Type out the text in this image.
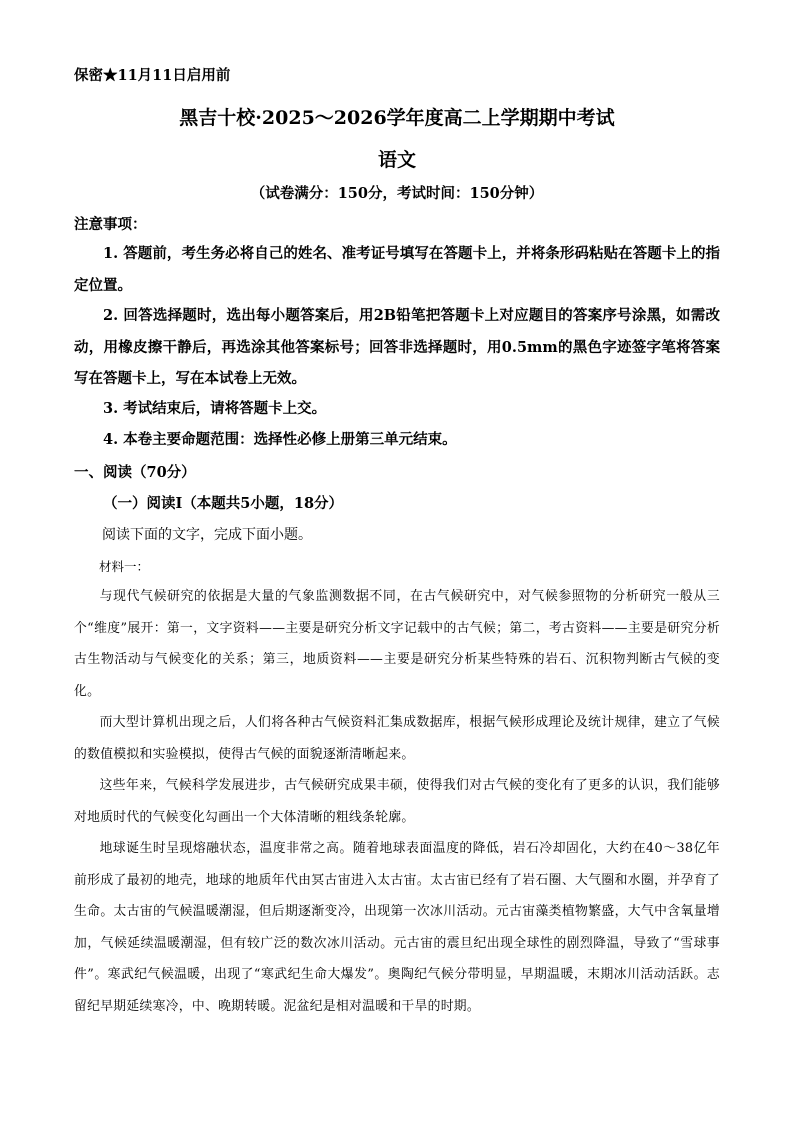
保密★11月11日启用前
黑吉十校·2025～2026学年度高二上学期期中考试
语文
（试卷满分：150分，考试时间：150分钟）
注意事项：

1. 答题前，考生务必将自己的姓名、准考证号填写在答题卡上，并将条形码粘贴在答题卡上的指定位置。

2. 回答选择题时，选出每小题答案后，用2B铅笔把答题卡上对应题目的答案序号涂黑，如需改动，用橡皮擦干静后，再选涂其他答案标号；回答非选择题时，用0.5mm的黑色字迹签字笔将答案写在答题卡上，写在本试卷上无效。

3. 考试结束后，请将答题卡上交。

4. 本卷主要命题范围：选择性必修上册第三单元结束。

一、阅读（70分）
（一）阅读Ⅰ（本题共5小题，18分）
阅读下面的文字，完成下面小题。
材料一：

与现代气候研究的依据是大量的气象监测数据不同，在古气候研究中，对气候参照物的分析研究一般从三个“维度”展开：第一，文字资料——主要是研究分析文字记载中的古气候；第二，考古资料——主要是研究分析古生物活动与气候变化的关系；第三，地质资料——主要是研究分析某些特殊的岩石、沉积物判断古气候的变化。

而大型计算机出现之后，人们将各种古气候资料汇集成数据库，根据气候形成理论及统计规律，建立了气候的数值模拟和实验模拟，使得古气候的面貌逐渐清晰起来。

这些年来，气候科学发展进步，古气候研究成果丰硕，使得我们对古气候的变化有了更多的认识，我们能够对地质时代的气候变化勾画出一个大体清晰的粗线条轮廓。

地球诞生时呈现熔融状态，温度非常之高。随着地球表面温度的降低，岩石冷却固化，大约在40～38亿年前形成了最初的地壳，地球的地质年代由冥古宙进入太古宙。太古宙已经有了岩石圈、大气圈和水圈，并孕育了生命。太古宙的气候温暖潮湿，但后期逐渐变冷，出现第一次冰川活动。元古宙藻类植物繁盛，大气中含氧量增加，气候延续温暖潮湿，但有较广泛的数次冰川活动。元古宙的震旦纪出现全球性的剧烈降温，导致了“雪球事件”。寒武纪气候温暖，出现了“寒武纪生命大爆发”。奥陶纪气候分带明显，早期温暖，末期冰川活动活跃。志留纪早期延续寒冷，中、晚期转暖。泥盆纪是相对温暖和干旱的时期。
